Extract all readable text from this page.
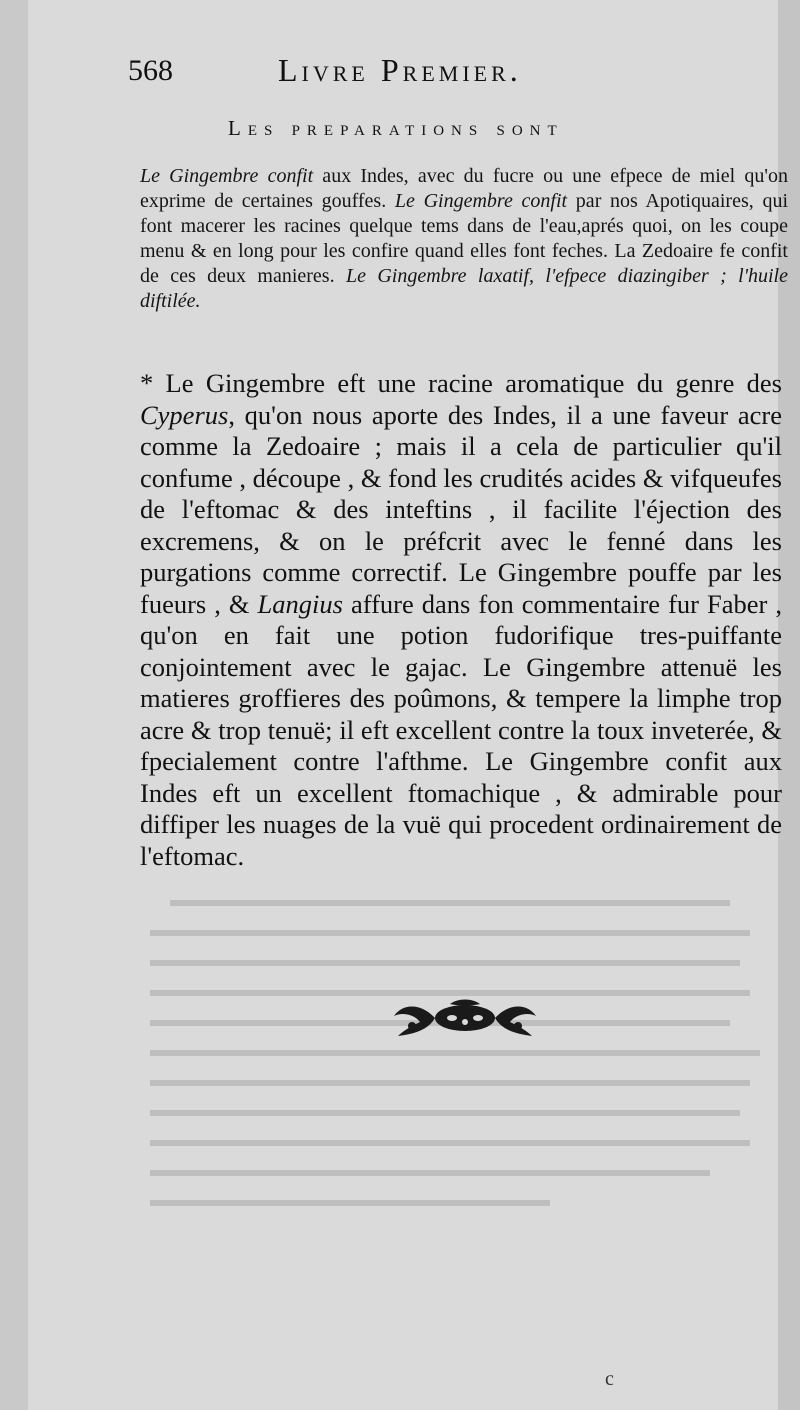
568	Livre Premier.
Les preparations sont
Le Gingembre confit aux Indes, avec du fucre ou une efpece de miel qu'on exprime de certaines gouffes. Le Gingembre confit par nos Apotiquaires, qui font macerer les racines quelque tems dans de l'eau,aprés quoi, on les coupe menu & en long pour les confire quand elles font feches. La Zedoaire fe confit de ces deux manieres. Le Gingembre laxatif, l'efpece diazingiber ; l'huile diftilée.
* Le Gingembre eft une racine aromatique du genre des Cyperus, qu'on nous aporte des Indes, il a une faveur acre comme la Zedoaire ; mais il a cela de particulier qu'il confume , découpe , & fond les crudités acides & vifqueufes de l'eftomac & des inteftins , il facilite l'éjection des excremens, & on le préfcrit avec le fenné dans les purgations comme correctif. Le Gingembre pouffe par les fueurs , & Langius affure dans fon commentaire fur Faber , qu'on en fait une potion fudorifique tres-puiffante conjointement avec le gajac. Le Gingembre attenuë les matieres groffieres des poûmons, & tempere la limphe trop acre & trop tenuë; il eft excellent contre la toux inveterée, & fpecialement contre l'afthme. Le Gingembre confit aux Indes eft un excellent ftomachique , & admirable pour diffiper les nuages de la vuë qui procedent ordinairement de l'eftomac.
c
